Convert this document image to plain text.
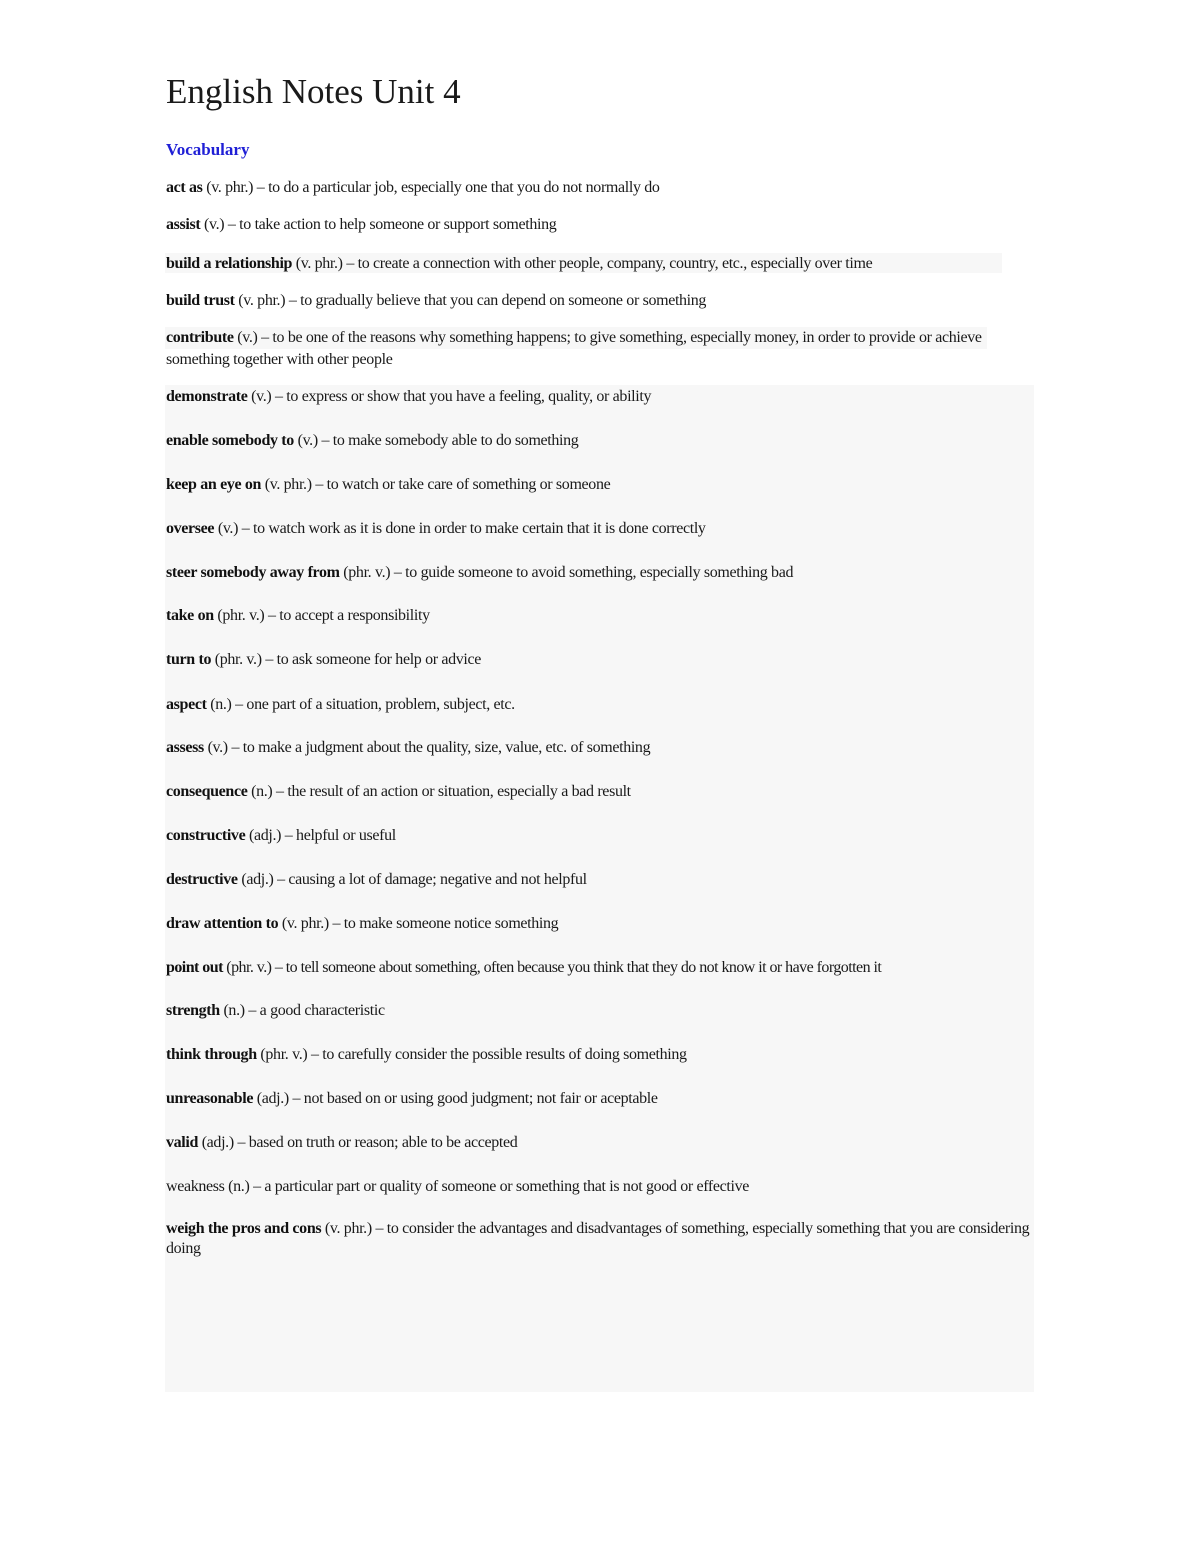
English Notes Unit 4
Vocabulary

act as (v. phr.) – to do a particular job, especially one that you do not normally do

assist (v.) – to take action to help someone or support something

build a relationship (v. phr.) – to create a connection with other people, company, country, etc., especially over time

build trust (v. phr.) – to gradually believe that you can depend on someone or something

contribute (v.) – to be one of the reasons why something happens; to give something, especially money, in order to provide or achieve something together with other people

demonstrate (v.) – to express or show that you have a feeling, quality, or ability

enable somebody to (v.) – to make somebody able to do something

keep an eye on (v. phr.) – to watch or take care of something or someone

oversee (v.) – to watch work as it is done in order to make certain that it is done correctly

steer somebody away from (phr. v.) – to guide someone to avoid something, especially something bad

take on (phr. v.) – to accept a responsibility

turn to (phr. v.) – to ask someone for help or advice

aspect (n.) – one part of a situation, problem, subject, etc.

assess (v.) – to make a judgment about the quality, size, value, etc. of something

consequence (n.) – the result of an action or situation, especially a bad result

constructive (adj.) – helpful or useful

destructive (adj.) – causing a lot of damage; negative and not helpful

draw attention to (v. phr.) – to make someone notice something

point out (phr. v.) – to tell someone about something, often because you think that they do not know it or have forgotten it

strength (n.) – a good characteristic

think through (phr. v.) – to carefully consider the possible results of doing something

unreasonable (adj.) – not based on or using good judgment; not fair or aceptable

valid (adj.) – based on truth or reason; able to be accepted

weakness (n.) – a particular part or quality of someone or something that is not good or effective

weigh the pros and cons (v. phr.) – to consider the advantages and disadvantages of something, especially something that you are considering doing
